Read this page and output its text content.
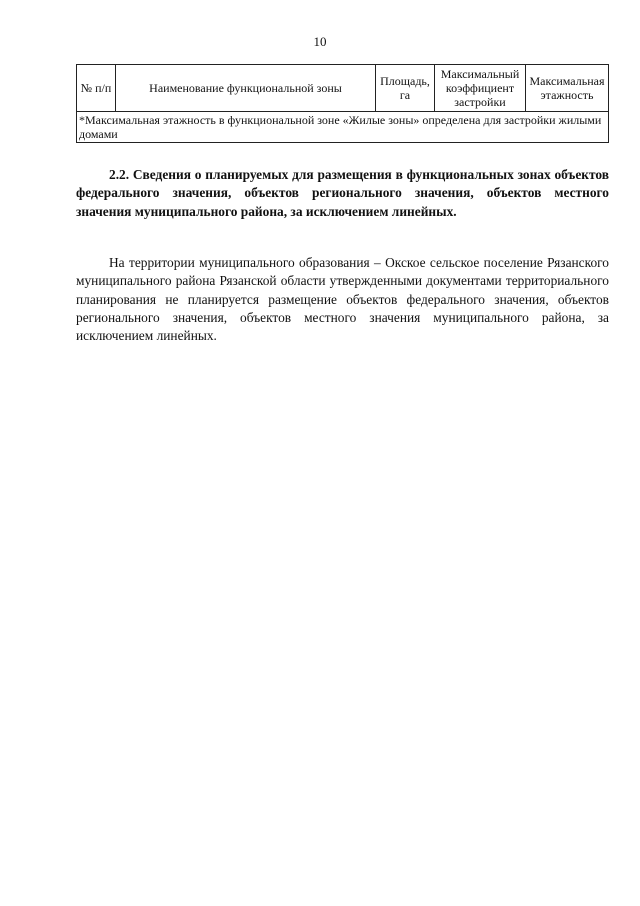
10
№ п/п	Наименование функциональной зоны	Площадь, га	Максимальный коэффициент застройки	Максимальная этажность
*Максимальная этажность в функциональной зоне «Жилые зоны» определена для застройки жилыми домами

2.2. Сведения о планируемых для размещения в функциональных зонах объектов федерального значения, объектов регионального значения, объектов местного значения муниципального района, за исключением линейных.

На территории муниципального образования – Окское сельское поселение Рязанского муниципального района Рязанской области утвержденными документами территориального планирования не планируется размещение объектов федерального значения, объектов регионального значения, объектов местного значения муниципального района, за исключением линейных.
